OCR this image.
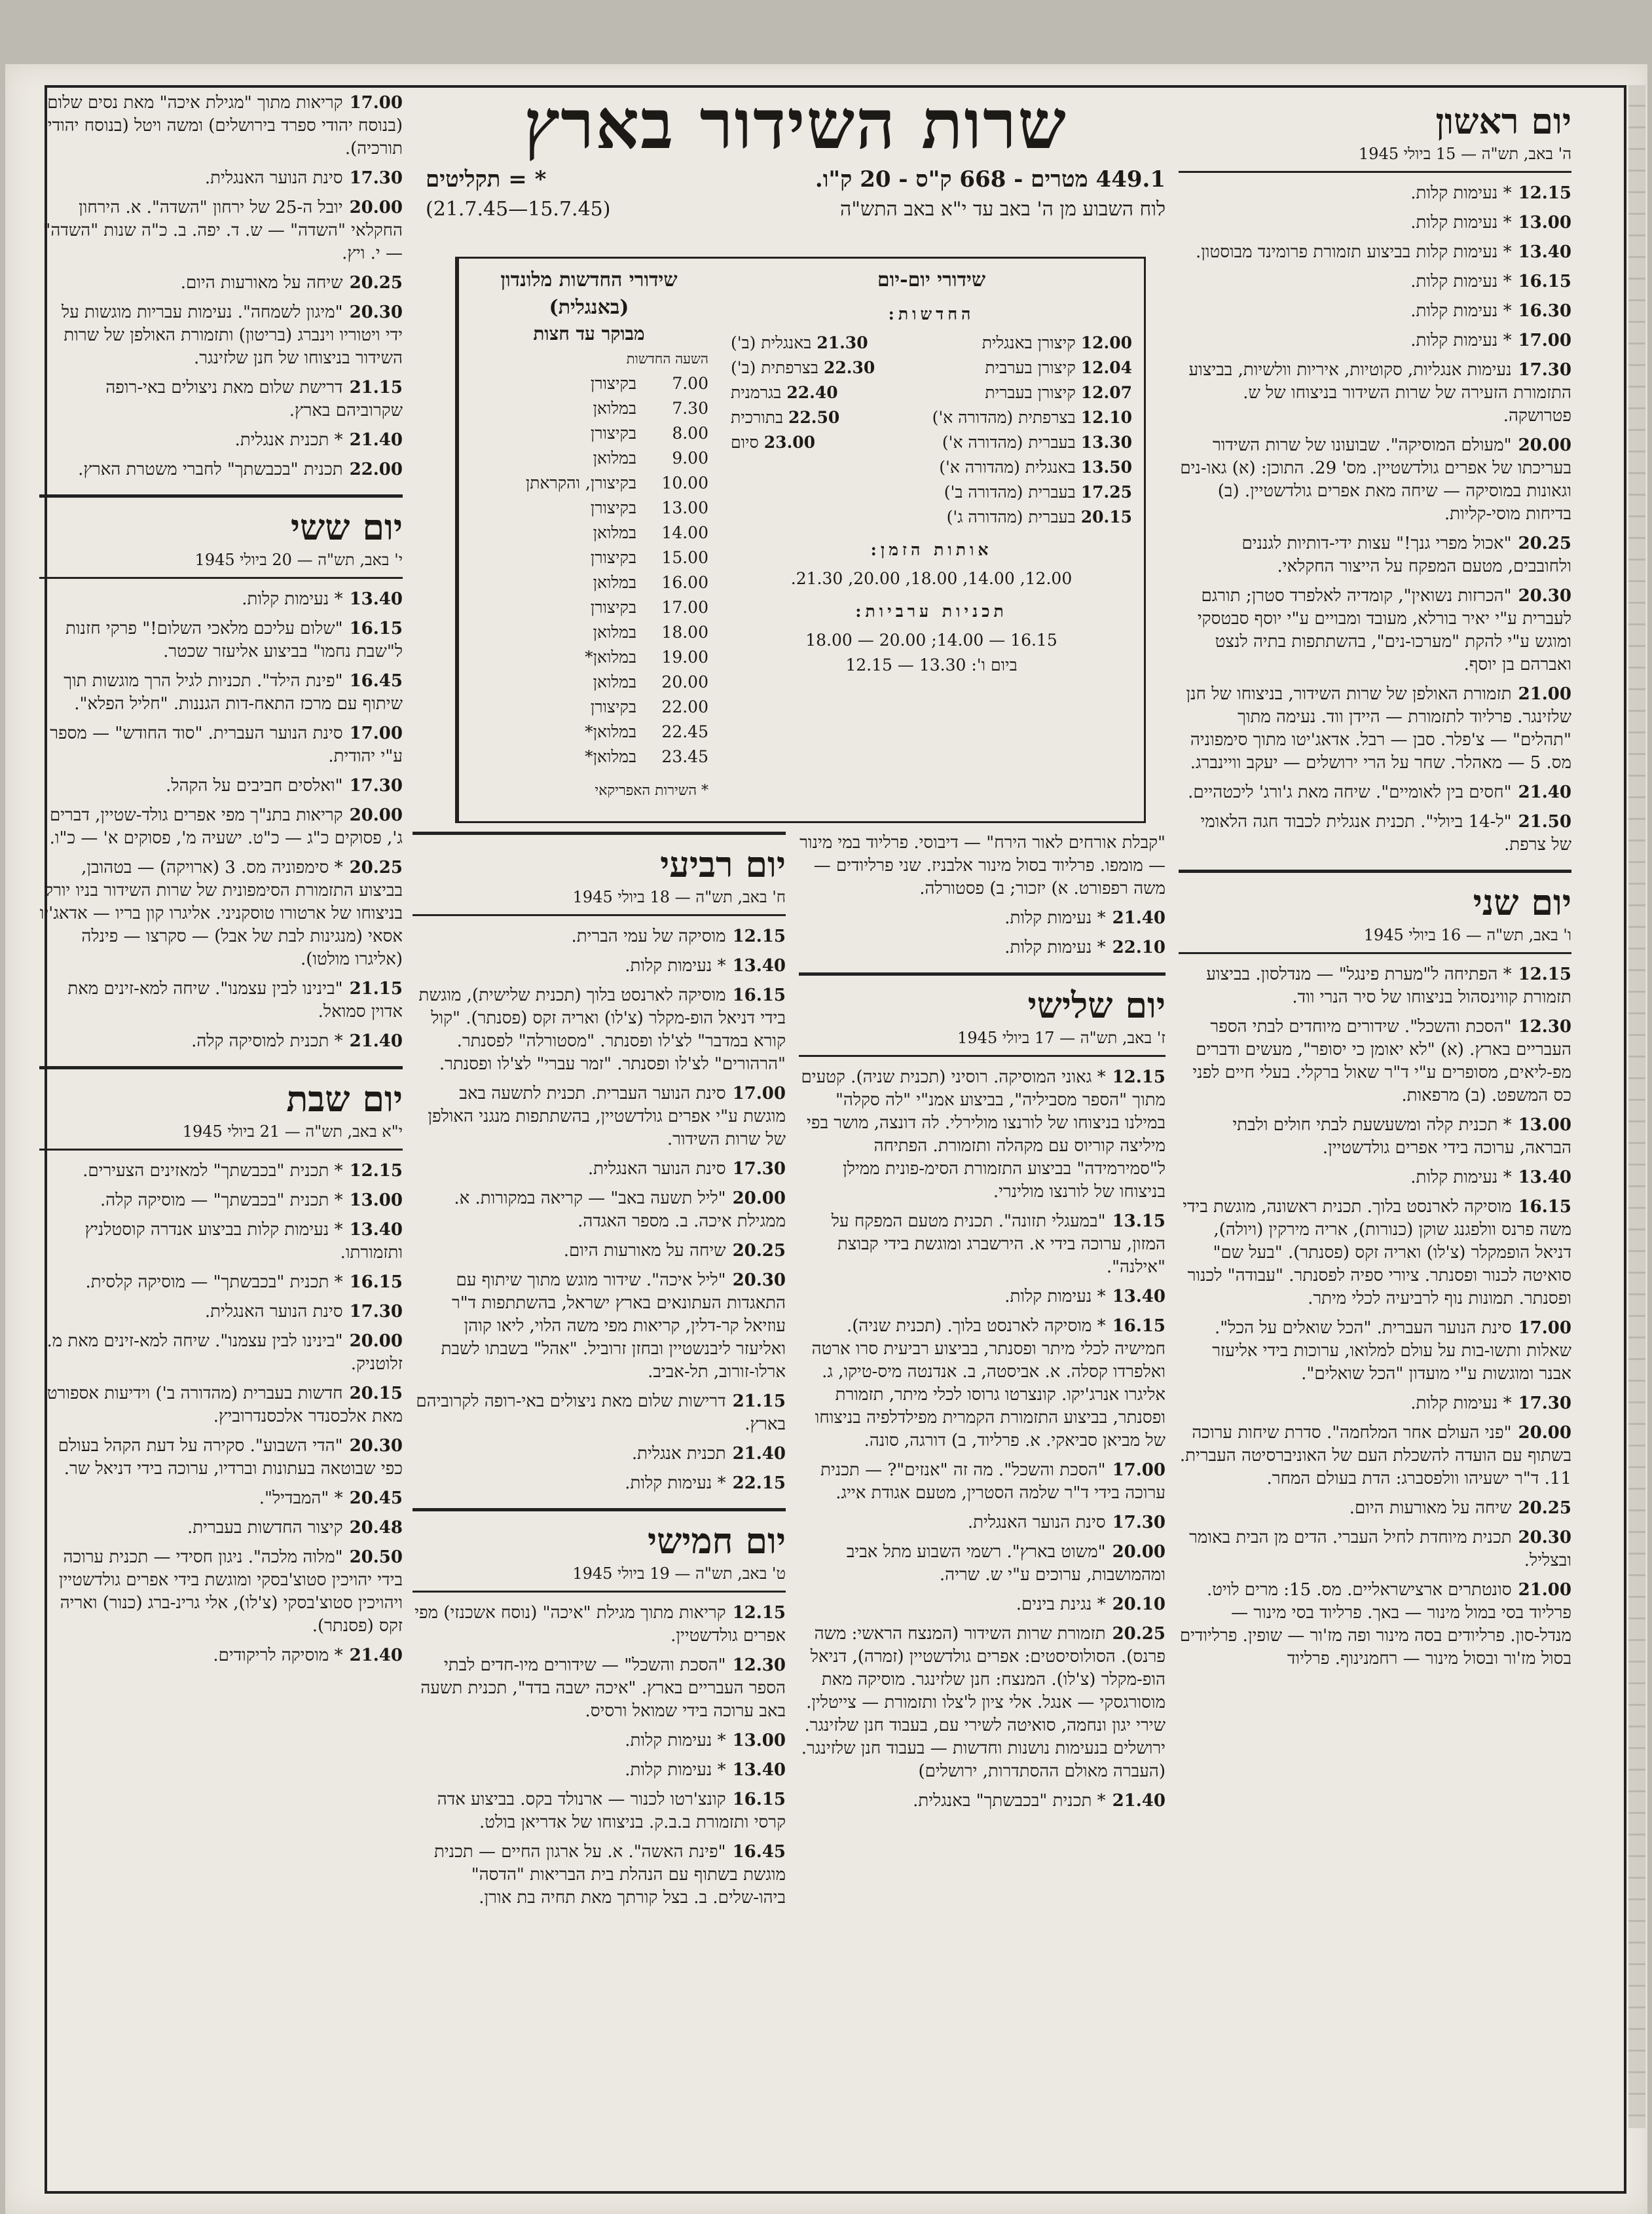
שרות השידור בארץ
449.1 מטרים - 668 ק"ס - 20 ק"ו.
* = תקליטים
לוח השבוע מן ה' באב עד י"א באב התש"ה
(15.7.45—21.7.45)
שידורי יום-יום
החדשות:
12.00קיצורן באנגלית
21.30באנגלית (ב')
12.04קיצורן בערבית
22.30בצרפתית (ב')
12.07קיצורן בעברית
22.40בגרמנית
12.10בצרפתית (מהדורה א')
22.50בתורכית
13.30בעברית (מהדורה א')
23.00סיום
13.50באנגלית (מהדורה א')
17.25בעברית (מהדורה ב')
20.15בעברית (מהדורה ג')
אותות הזמן:
12.00, 14.00, 18.00, 20.00, 21.30.
תכניות ערביות:
16.15 — 14.00; 20.00 — 18.00
ביום ו': 13.30 — 12.15
שידורי החדשות מלונדון (באנגלית)
מבוקר עד חצות
השעה החדשות
7.00
בקיצורן
7.30
במלואן
8.00
בקיצורן
9.00
במלואן
10.00
בקיצורן, והקראתן
13.00
בקיצורן
14.00
במלואן
15.00
בקיצורן
16.00
במלואן
17.00
בקיצורן
18.00
במלואן
19.00
במלואן*
20.00
במלואן
22.00
בקיצורן
22.45
במלואן*
23.45
במלואן*
* השירות האפריקאי
יום ראשון
ה' באב, תש"ה — 15 ביולי 1945
12.15* נעימות קלות.
13.00* נעימות קלות.
13.40* נעימות קלות בביצוע תזמורת פרומינד מבוסטון.
16.15* נעימות קלות.
16.30* נעימות קלות.
17.00* נעימות קלות.
17.30נעימות אנגליות, סקוטיות, איריות וולשיות, בביצוע התזמורת הזעירה של שרות השידור בניצוחו של ש. פטרושקה.
20.00"מעולם המוסיקה". שבועונו של שרות השידור בעריכתו של אפרים גולדשטיין. מס' 29. התוכן: (א) גאו-נים וגאונות במוסיקה — שיחה מאת אפרים גולדשטיין. (ב) בדיחות מוסי-קליות.
20.25"אכול מפרי גנך!" עצות ידי-דותיות לגננים ולחובבים, מטעם המפקח על הייצור החקלאי.
20.30"הכרזות נשואין", קומדיה לאלפרד סטרן; תורגם לעברית ע"י יאיר בורלא, מעובד ומבויים ע"י יוסף סבטסקי ומוגש ע"י להקת "מערכו-נים", בהשתתפות בתיה לנצט ואברהם בן יוסף.
21.00תזמורת האולפן של שרות השידור, בניצוחו של חנן שלזינגר. פרליוד לתזמורת — היידן ווד. נעימה מתוך "תהלים" — צ'פלר. סבן — רבל. אדאג'יטו מתוך סימפוניה מס. 5 — מאהלר. שחר על הרי ירושלים — יעקב וויינברג.
21.40"חסים בין לאומיים". שיחה מאת ג'ורג' ליכטהיים.
21.50"ל-14 ביולי". תכנית אנגלית לכבוד חגה הלאומי של צרפת.
יום שני
ו' באב, תש"ה — 16 ביולי 1945
12.15* הפתיחה ל"מערת פינגל" — מנדלסון. בביצוע תזמורת קווינסהול בניצוחו של סיר הנרי ווד.
12.30"הסכת והשכל". שידורים מיוחדים לבתי הספר העבריים בארץ. (א) "לא יאומן כי יסופר", מעשים ודברים מפ-ליאים, מסופרים ע"י ד"ר שאול ברקלי. בעלי חיים לפני כס המשפט. (ב) מרפאות.
13.00* תכנית קלה ומשעשעת לבתי חולים ולבתי הבראה, ערוכה בידי אפרים גולדשטיין.
13.40* נעימות קלות.
16.15מוסיקה לארנסט בלוך. תכנית ראשונה, מוגשת בידי משה פרנס וולפגנג שוקן (כנורות), אריה מירקין (ויולה), דניאל הופמקלר (צ'לו) ואריה זקס (פסנתר). "בעל שם" סואיטה לכנור ופסנתר. ציורי ספיה לפסנתר. "עבודה" לכנור ופסנתר. תמונות נוף לרביעיה לכלי מיתר.
17.00סינת הנוער העברית. "הכל שואלים על הכל". שאלות ותשו-בות על עולם למלואו, ערוכות בידי אליעזר אבנר ומוגשות ע"י מועדון "הכל שואלים".
17.30* נעימות קלות.
20.00"פני העולם אחר המלחמה". סדרת שיחות ערוכה בשתוף עם הועדה להשכלת העם של האוניברסיטה העברית. 11. ד"ר ישעיהו וולפסברג: הדת בעולם המחר.
20.25שיחה על מאורעות היום.
20.30תכנית מיוחדת לחיל העברי. הדים מן הבית באומר ובצליל.
21.00סונטתרים ארצישראליים. מס. 15: מרים לויט. פרליוד בסי במול מינור — באך. פרליוד בסי מינור — מנדל-סון. פרליודים בסה מינור ופה מז'ור — שופין. פרליודים בסול מז'ור ובסול מינור — רחמנינוף. פרליוד
"קבלת אורחים לאור הירח" — דיבוסי. פרליוד במי מינור — מומפו. פרליוד בסול מינור אלבניז. שני פרליודים — משה רפפורט. א) יזכור; ב) פסטורלה.
21.40* נעימות קלות.
22.10* נעימות קלות.
יום שלישי
ז' באב, תש"ה — 17 ביולי 1945
12.15* גאוני המוסיקה. רוסיני (תכנית שניה). קטעים מתוך "הספר מסביליה", בביצוע אמנ"י "לה סקלה" במילנו בניצוחו של לורנצו מולירלי. לה דונצה, מושר בפי מיליצה קוריוס עם מקהלה ותזמורת. הפתיחה ל"סמירמידה" בביצוע התזמורת הסימ-פונית ממילן בניצוחו של לורנצו מולינרי.
13.15"במעגלי תזונה". תכנית מטעם המפקח על המזון, ערוכה בידי א. הירשברג ומוגשת בידי קבוצת "אילנה".
13.40* נעימות קלות.
16.15* מוסיקה לארנסט בלוך. (תכנית שניה). חמישיה לכלי מיתר ופסנתר, בביצוע רביעית סרו ארטה ואלפרדו קסלה. א. אביסטה, ב. אנדנטה מיס-טיקו, ג. אליגרו אנרג'יקו. קונצרטו גרוסו לכלי מיתר, תזמורת ופסנתר, בביצוע התזמורת הקמרית מפילדלפיה בניצוחו של מביאן סביאקי. א. פרליוד, ב) דורגה, סונה.
17.00"הסכת והשכל". מה זה "אנזים"? — תכנית ערוכה בידי ד"ר שלמה הסטרין, מטעם אגודת אייג.
17.30סינת הנוער האנגלית.
20.00"משוט בארץ". רשמי השבוע מתל אביב ומהמושבות, ערוכים ע"י ש. שריה.
20.10* נגינת בינים.
20.25תזמורת שרות השידור (המנצח הראשי: משה פרנס). הסולוסיסטים: אפרים גולדשטיין (זמרה), דניאל הופ-מקלר (צ'לו). המנצח: חנן שלזינגר. מוסיקה מאת מוסורגסקי — אנגל. אלי ציון ל'צלו ותזמורת — צייטלין. שירי יגון ונחמה, סואיטה לשירי עם, בעבוד חנן שלזינגר. ירושלים בנעימות נושנות וחדשות — בעבוד חנן שלזינגר. (העברה מאולם ההסתדרות, ירושלים)
21.40* תכנית "בכבשתך" באנגלית.
יום רביעי
ח' באב, תש"ה — 18 ביולי 1945
12.15מוסיקה של עמי הברית.
13.40* נעימות קלות.
16.15מוסיקה לארנסט בלוך (תכנית שלישית), מוגשת בידי דניאל הופ-מקלר (צ'לו) ואריה זקס (פסנתר). "קול קורא במדבר" לצ'לו ופסנתר. "מסטורלה" לפסנתר. "הרהורים" לצ'לו ופסנתר. "זמר עברי" לצ'לו ופסנתר.
17.00סינת הנוער העברית. תכנית לתשעה באב מוגשת ע"י אפרים גולדשטיין, בהשתתפות מנגני האולפן של שרות השידור.
17.30סינת הנוער האנגלית.
20.00"ליל תשעה באב" — קריאה במקורות. א. ממגילת איכה. ב. מספר האגדה.
20.25שיחה על מאורעות היום.
20.30"ליל איכה". שידור מוגש מתוך שיתוף עם התאגדות העתונאים בארץ ישראל, בהשתתפות ד"ר עוזיאל קר-דלין, קריאות מפי משה הלוי, ליאו קוהן ואליעזר ליבנשטיין ובחזן זרוביל. "אהל" בשבתו לשבת ארלו-זורוב, תל-אביב.
21.15דרישות שלום מאת ניצולים באי-רופה לקרוביהם בארץ.
21.40תכנית אנגלית.
22.15* נעימות קלות.
יום חמישי
ט' באב, תש"ה — 19 ביולי 1945
12.15קריאות מתוך מגילת "איכה" (נוסח אשכנזי) מפי אפרים גולדשטיין.
12.30"הסכת והשכל" — שידורים מיו-חדים לבתי הספר העבריים בארץ. "איכה ישבה בדד", תכנית תשעה באב ערוכה בידי שמואל ורסיס.
13.00* נעימות קלות.
13.40* נעימות קלות.
16.15קונצ'רטו לכנור — ארנולד בקס. בביצוע אדה קרסי ותזמורת ב.ב.ק. בניצוחו של אדריאן בולט.
16.45"פינת האשה". א. על ארגון החיים — תכנית מוגשת בשתוף עם הנהלת בית הבריאות "הדסה" ביהו-שלים. ב. בצל קורתך מאת תחיה בת אורן.
17.00קריאות מתוך "מגילת איכה" מאת נסים שלום (בנוסח יהודי ספרד בירושלים) ומשה ויטל (בנוסח יהודי תורכיה).
17.30סינת הנוער האנגלית.
20.00יובל ה-25 של ירחון "השדה". א. הירחון החקלאי "השדה" — ש. ד. יפה. ב. כ"ה שנות "השדה" — י. ויץ.
20.25שיחה על מאורעות היום.
20.30"מיגון לשמחה". נעימות עבריות מוגשות על ידי ויטוריו וינברג (בריטון) ותזמורת האולפן של שרות השידור בניצוחו של חנן שלזינגר.
21.15דרישת שלום מאת ניצולים באי-רופה שקרוביהם בארץ.
21.40* תכנית אנגלית.
22.00תכנית "בכבשתך" לחברי משטרת הארץ.
יום ששי
י' באב, תש"ה — 20 ביולי 1945
13.40* נעימות קלות.
16.15"שלום עליכם מלאכי השלום!" פרקי חזנות ל"שבת נחמו" בביצוע אליעזר שכטר.
16.45"פינת הילד". תכניות לגיל הרך מוגשות תוך שיתוף עם מרכז התאח-דות הגננות. "חליל הפלא".
17.00סינת הנוער העברית. "סוד החודש" — מספר ע"י יהודית.
17.30"ואלסים חביבים על הקהל.
20.00קריאות בתנ"ך מפי אפרים גולד-שטיין, דברים ג', פסוקים כ"ג — כ"ט. ישעיה מ', פסוקים א' — כ"ו.
20.25* סימפוניה מס. 3 (ארויקה) — בטהובן, בביצוע התזמורת הסימפונית של שרות השידור בניו יורק בניצוחו של ארטורו טוסקניני. אליגרו קון בריו — אדאג'יו אסאי (מנגינות לבת של אבל) — סקרצו — פינלה (אליגרו מולטו).
21.15"בינינו לבין עצמנו". שיחה למא-זינים מאת אדוין סמואל.
21.40* תכנית למוסיקה קלה.
יום שבת
י"א באב, תש"ה — 21 ביולי 1945
12.15* תכנית "בכבשתך" למאזינים הצעירים.
13.00* תכנית "בכבשתך" — מוסיקה קלה.
13.40* נעימות קלות בביצוע אנדרה קוסטלניץ ותזמורתו.
16.15* תכנית "בכבשתך" — מוסיקה קלסית.
17.30סינת הנוער האנגלית.
20.00"בינינו לבין עצמנו". שיחה למא-זינים מאת מ. זלוטניק.
20.15חדשות בעברית (מהדורה ב') וידיעות אספורט מאת אלכסנדר אלכסנדרוביץ.
20.30"הדי השבוע". סקירה על דעת הקהל בעולם כפי שבוטאה בעתונות וברדיו, ערוכה בידי דניאל שר.
20.45* "המבדיל".
20.48קיצור החדשות בעברית.
20.50"מלוה מלכה". ניגון חסידי — תכנית ערוכה בידי יהויכין סטוצ'בסקי ומוגשת בידי אפרים גולדשטיין ויהויכין סטוצ'בסקי (צ'לו), אלי גרינ-ברג (כנור) ואריה זקס (פסנתר).
21.40* מוסיקה לריקודים.
